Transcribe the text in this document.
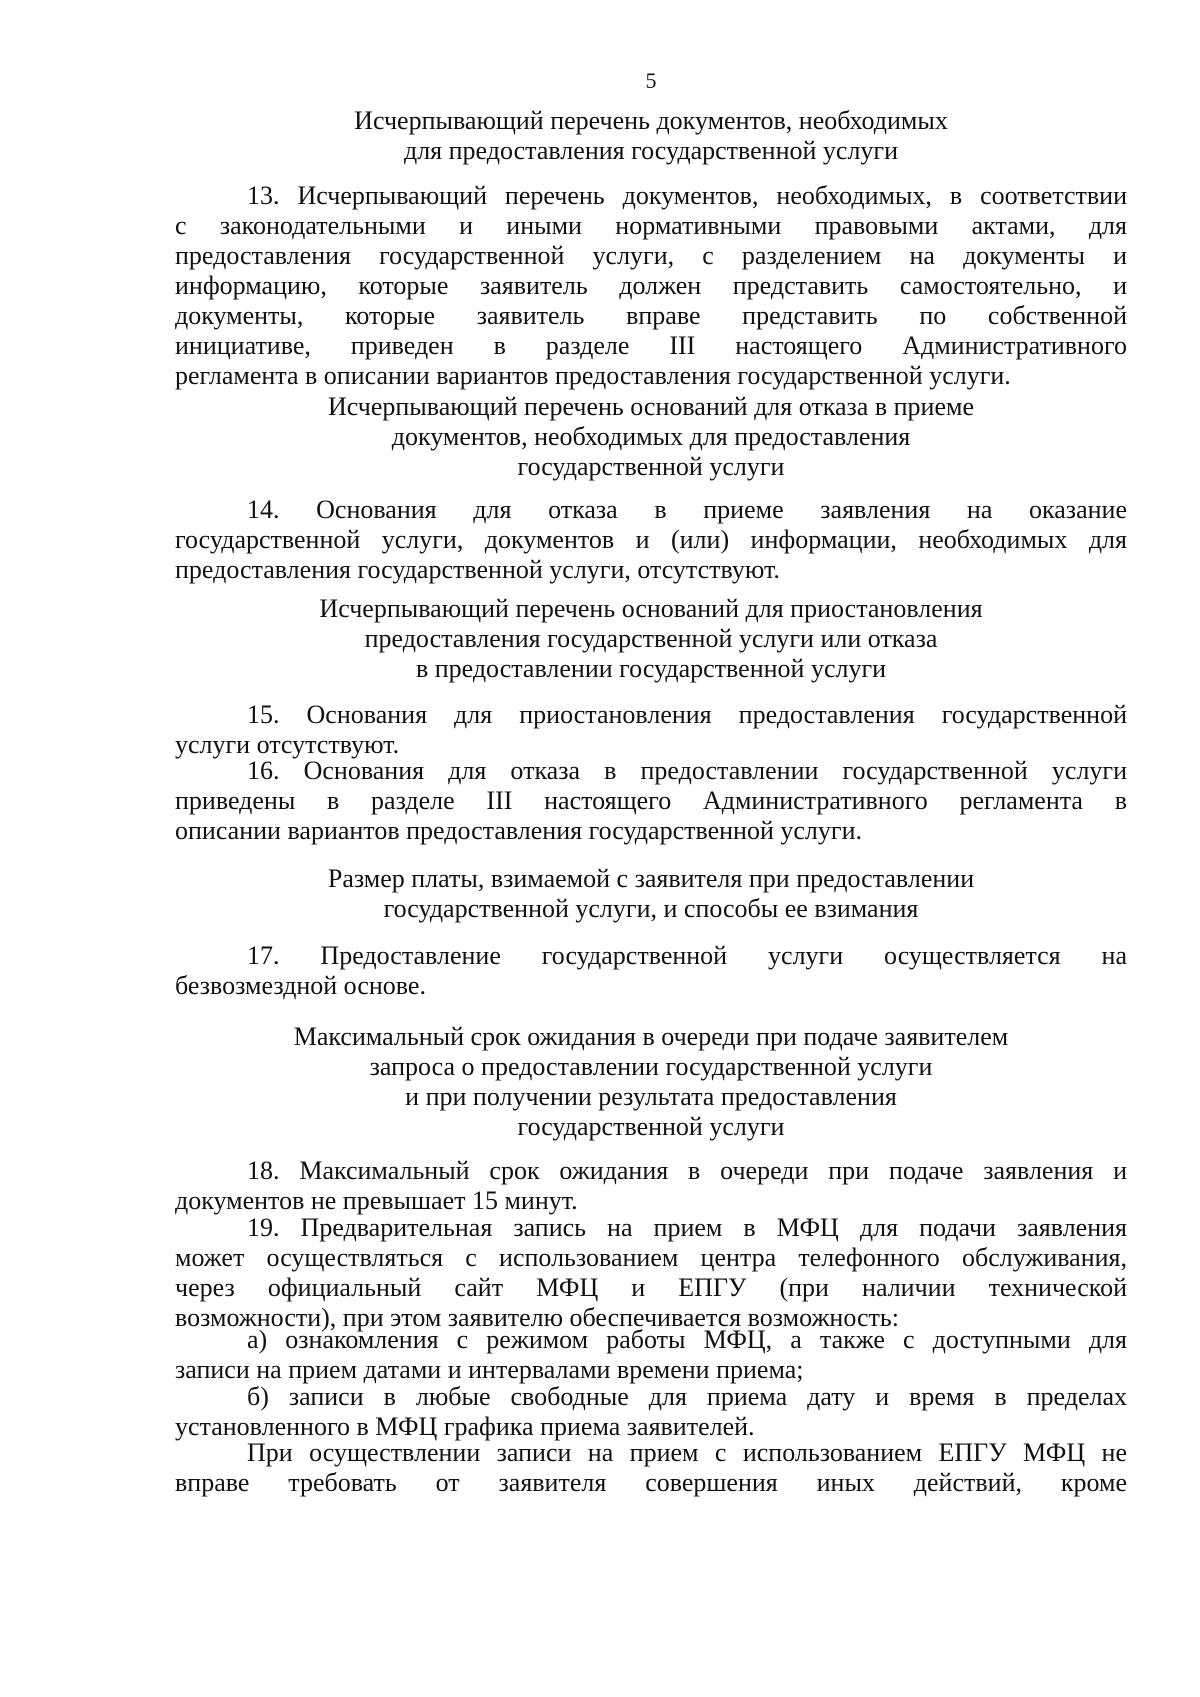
5
Исчерпывающий перечень документов, необходимых
для предоставления государственной услуги
13. Исчерпывающий перечень документов, необходимых, в соответствии
с законодательными и иными нормативными правовыми актами, для
предоставления государственной услуги, с разделением на документы и
информацию, которые заявитель должен представить самостоятельно, и
документы, которые заявитель вправе представить по собственной
инициативе, приведен в разделе III настоящего Административного
регламента в описании вариантов предоставления государственной услуги.
Исчерпывающий перечень оснований для отказа в приеме
документов, необходимых для предоставления
государственной услуги
14. Основания для отказа в приеме заявления на оказание
государственной услуги, документов и (или) информации, необходимых для
предоставления государственной услуги, отсутствуют.
Исчерпывающий перечень оснований для приостановления
предоставления государственной услуги или отказа
в предоставлении государственной услуги
15. Основания для приостановления предоставления государственной
услуги отсутствуют.
16. Основания для отказа в предоставлении государственной услуги
приведены в разделе III настоящего Административного регламента в
описании вариантов предоставления государственной услуги.
Размер платы, взимаемой с заявителя при предоставлении
государственной услуги, и способы ее взимания
17. Предоставление государственной услуги осуществляется на
безвозмездной основе.
Максимальный срок ожидания в очереди при подаче заявителем
запроса о предоставлении государственной услуги
и при получении результата предоставления
государственной услуги
18. Максимальный срок ожидания в очереди при подаче заявления и
документов не превышает 15 минут.
19. Предварительная запись на прием в МФЦ для подачи заявления
может осуществляться с использованием центра телефонного обслуживания,
через официальный сайт МФЦ и ЕПГУ (при наличии технической
возможности), при этом заявителю обеспечивается возможность:
а) ознакомления с режимом работы МФЦ, а также с доступными для
записи на прием датами и интервалами времени приема;
б) записи в любые свободные для приема дату и время в пределах
установленного в МФЦ графика приема заявителей.
При осуществлении записи на прием с использованием ЕПГУ МФЦ не
вправе требовать от заявителя совершения иных действий, кроме
